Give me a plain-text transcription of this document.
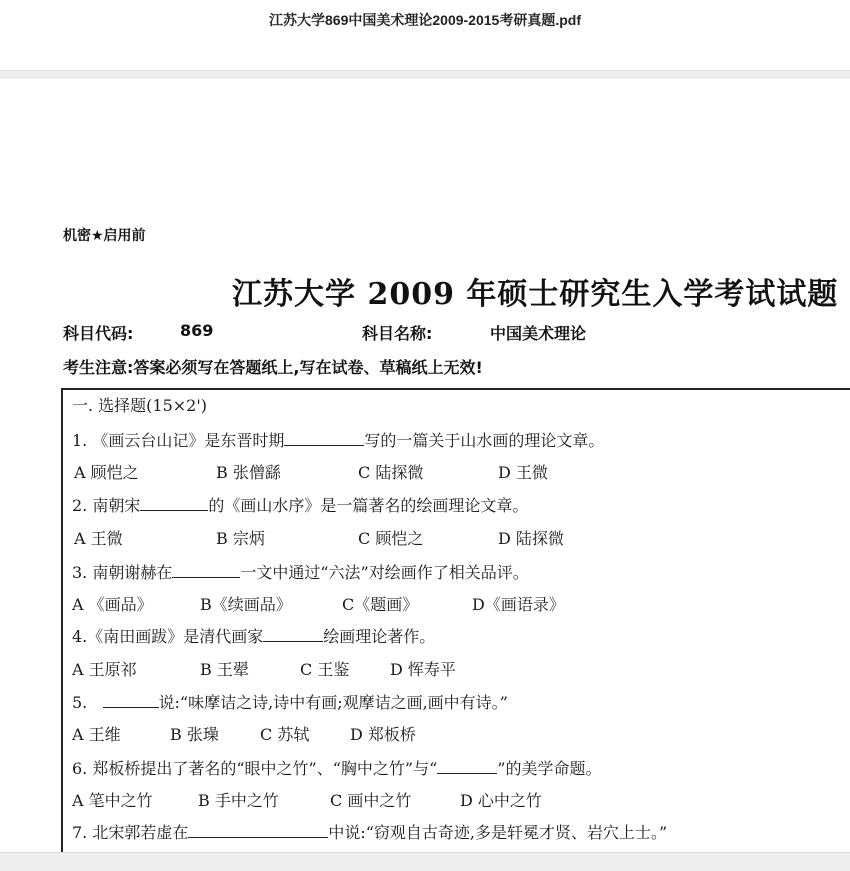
江苏大学869中国美术理论2009-2015考研真题.pdf
机密★启用前
江苏大学 2009 年硕士研究生入学考试试题
科目代码:	869	科目名称:	中国美术理论
考生注意:答案必须写在答题纸上,写在试卷、草稿纸上无效!
一. 选择题(15×2')
1. 《画云台山记》是东晋时期	写的一篇关于山水画的理论文章。
A 顾恺之	B 张僧繇	C 陆探微	D 王微
2. 南朝宋	的《画山水序》是一篇著名的绘画理论文章。
A 王微	B 宗炳	C 顾恺之	D 陆探微
3. 南朝谢赫在	一文中通过“六法”对绘画作了相关品评。
A 《画品》	B《续画品》	C《题画》	D《画语录》
4.《南田画跋》是清代画家	绘画理论著作。
A 王原祁	B 王翚	C 王鉴	D 恽寿平
5.	说:“味摩诘之诗,诗中有画;观摩诘之画,画中有诗。”
A 王维	B 张璪	C 苏轼	D 郑板桥
6. 郑板桥提出了著名的“眼中之竹”、“胸中之竹”与“	”的美学命题。
A 笔中之竹	B 手中之竹	C 画中之竹	D 心中之竹
7. 北宋郭若虚在	中说:“窃观自古奇迹,多是轩冕才贤、岩穴上士。”
